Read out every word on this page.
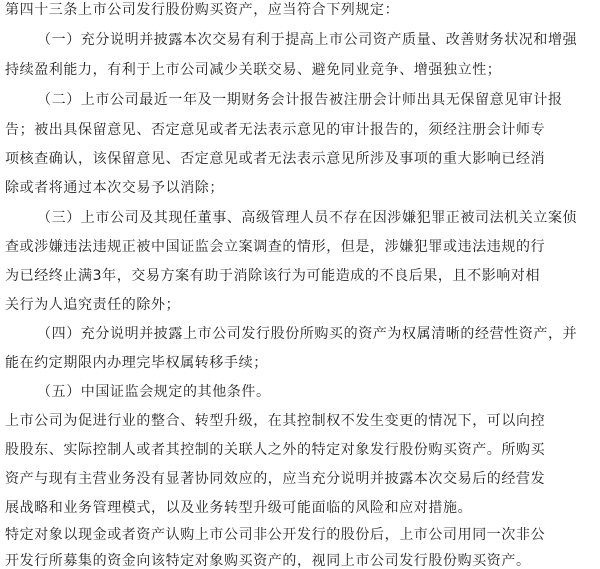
第四十三条上市公司发行股份购买资产，应当符合下列规定：
（一）充分说明并披露本次交易有利于提高上市公司资产质量、改善财务状况和增强
持续盈利能力，有利于上市公司减少关联交易、避免同业竞争、增强独立性；
（二）上市公司最近一年及一期财务会计报告被注册会计师出具无保留意见审计报
告；被出具保留意见、否定意见或者无法表示意见的审计报告的，须经注册会计师专
项核查确认，该保留意见、否定意见或者无法表示意见所涉及事项的重大影响已经消
除或者将通过本次交易予以消除；
（三）上市公司及其现任董事、高级管理人员不存在因涉嫌犯罪正被司法机关立案侦
查或涉嫌违法违规正被中国证监会立案调查的情形，但是，涉嫌犯罪或违法违规的行
为已经终止满3年，交易方案有助于消除该行为可能造成的不良后果，且不影响对相
关行为人追究责任的除外；
（四）充分说明并披露上市公司发行股份所购买的资产为权属清晰的经营性资产，并
能在约定期限内办理完毕权属转移手续；
（五）中国证监会规定的其他条件。
上市公司为促进行业的整合、转型升级，在其控制权不发生变更的情况下，可以向控
股股东、实际控制人或者其控制的关联人之外的特定对象发行股份购买资产。所购买
资产与现有主营业务没有显著协同效应的，应当充分说明并披露本次交易后的经营发
展战略和业务管理模式，以及业务转型升级可能面临的风险和应对措施。
特定对象以现金或者资产认购上市公司非公开发行的股份后，上市公司用同一次非公
开发行所募集的资金向该特定对象购买资产的，视同上市公司发行股份购买资产。
